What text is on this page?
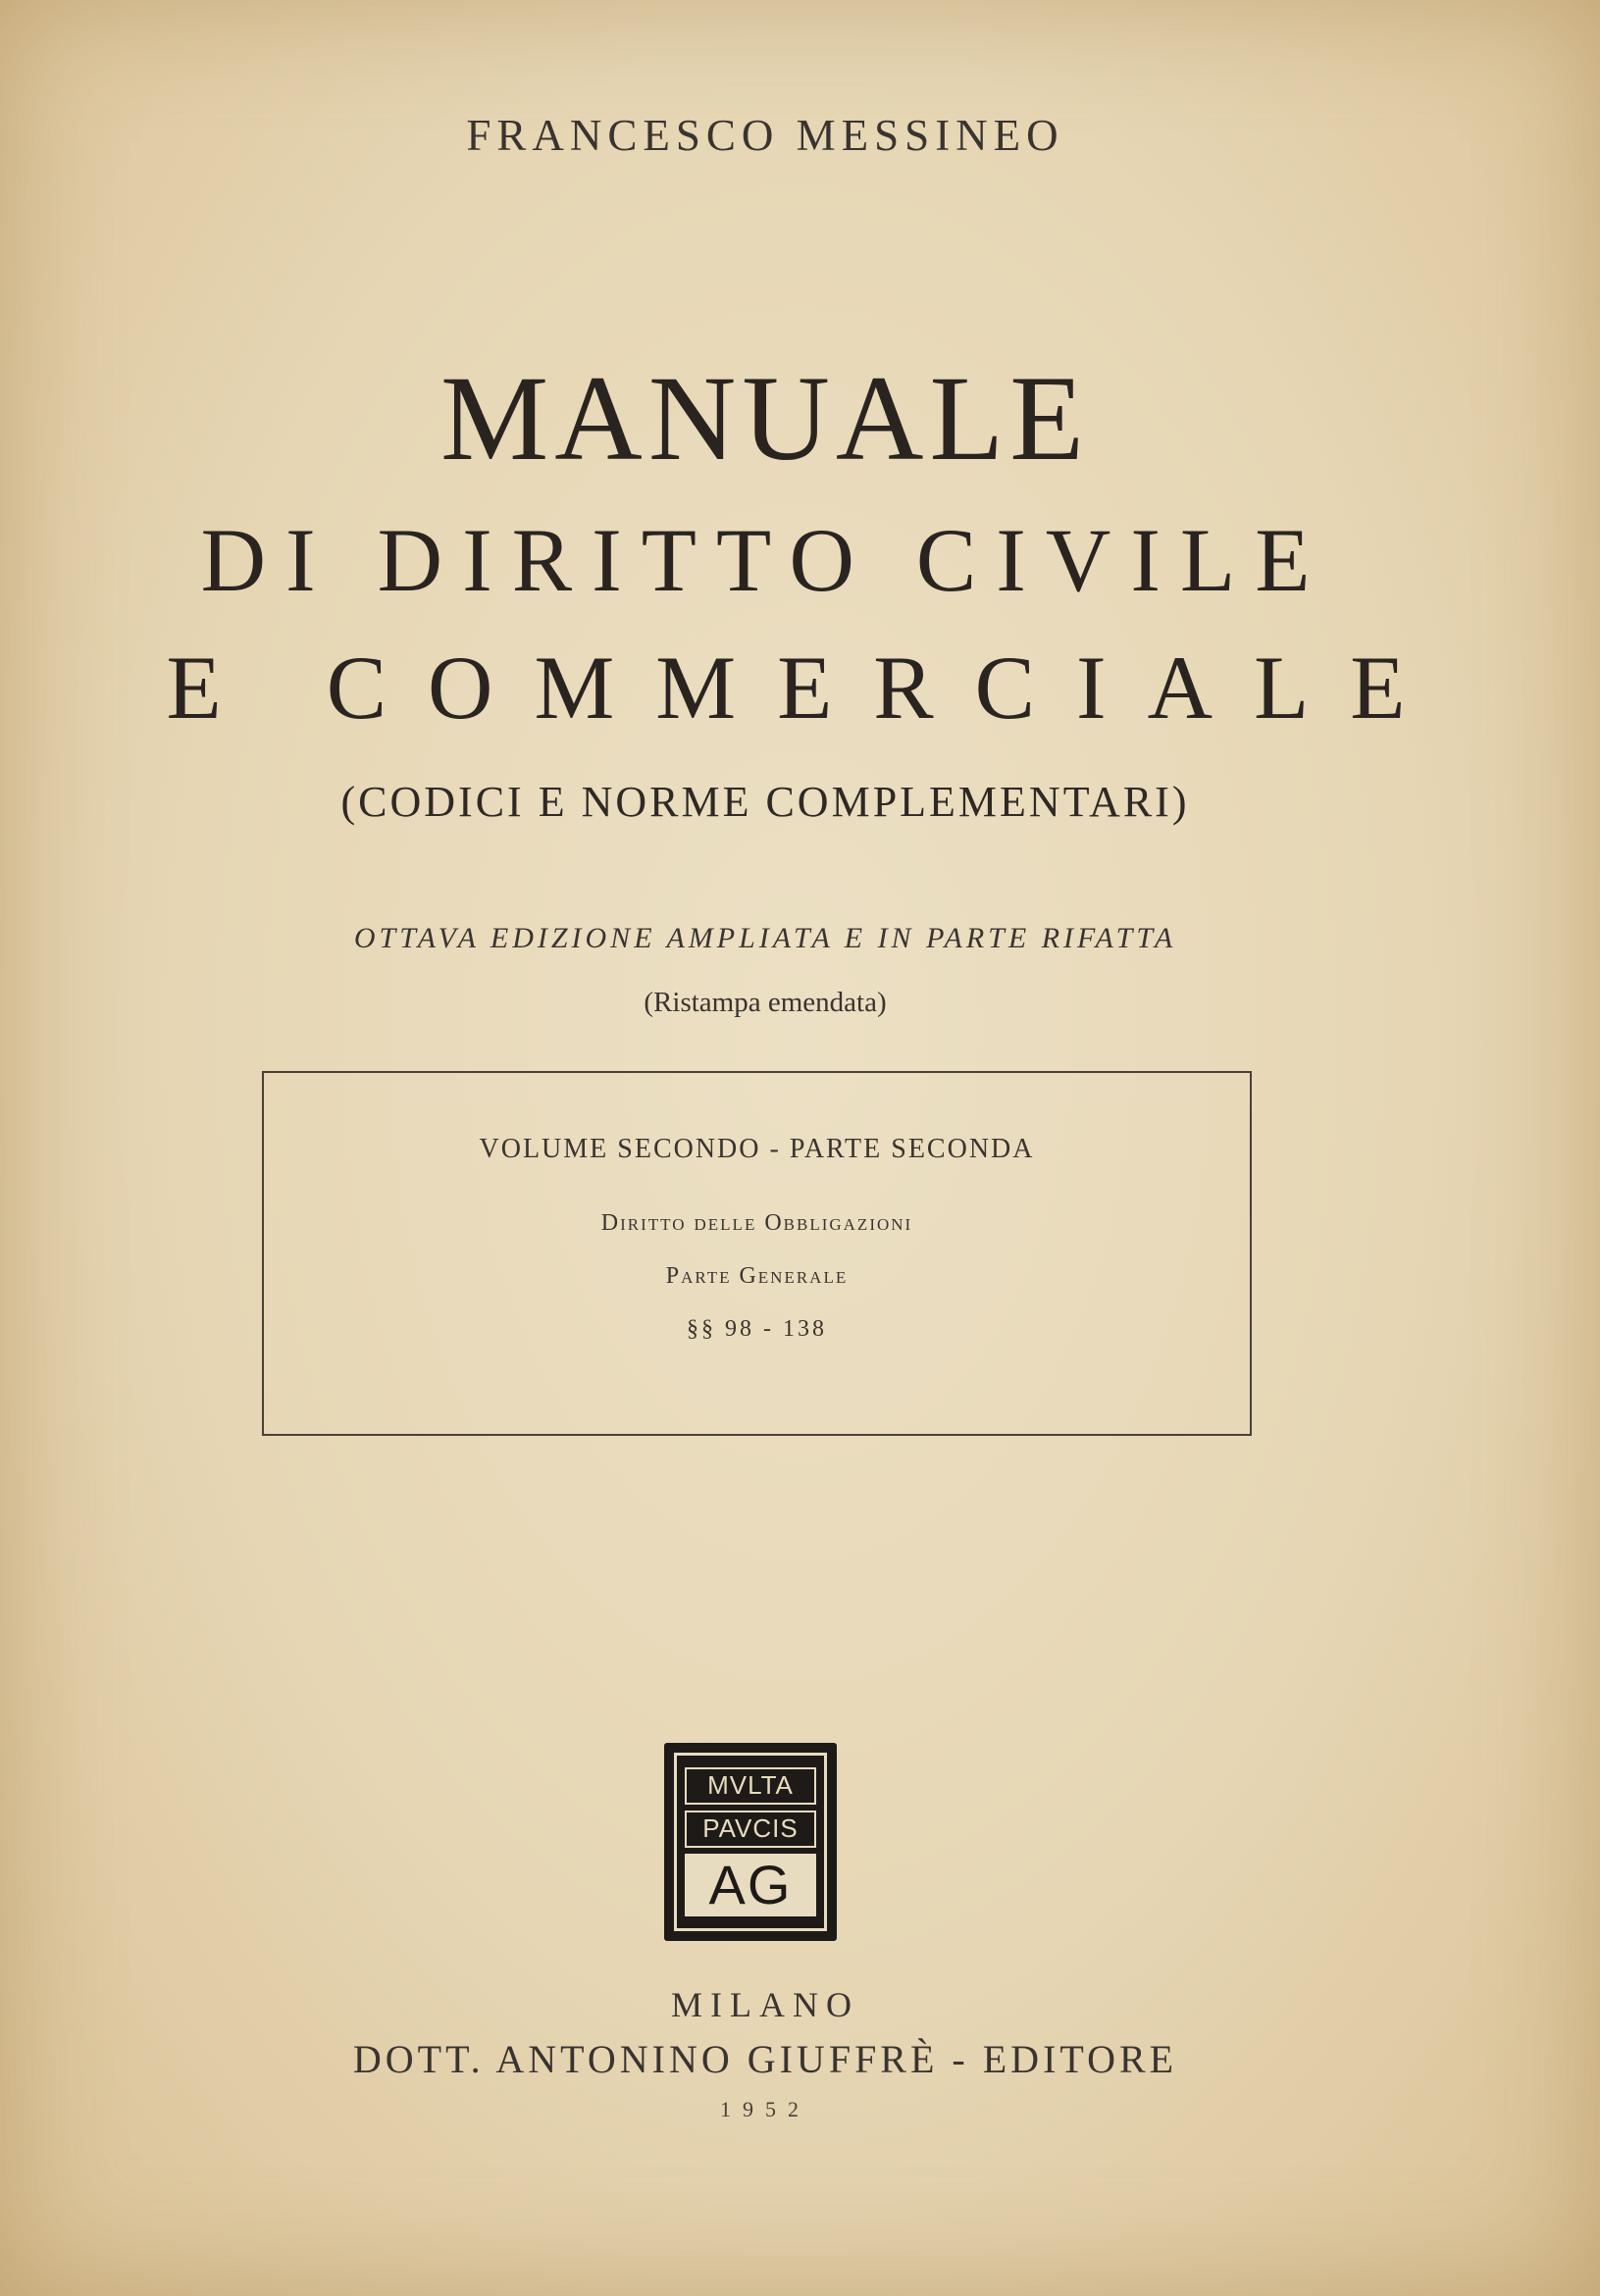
FRANCESCO MESSINEO
MANUALE
DI DIRITTO CIVILE
E COMMERCIALE
(CODICI E NORME COMPLEMENTARI)
OTTAVA EDIZIONE AMPLIATA E IN PARTE RIFATTA
(Ristampa emendata)
VOLUME SECONDO - PARTE SECONDA
Diritto delle Obbligazioni
Parte Generale
§§ 98 - 138
MVLTA
PAVCIS
AG
MILANO
DOTT. ANTONINO GIUFFRÈ - EDITORE
1952
